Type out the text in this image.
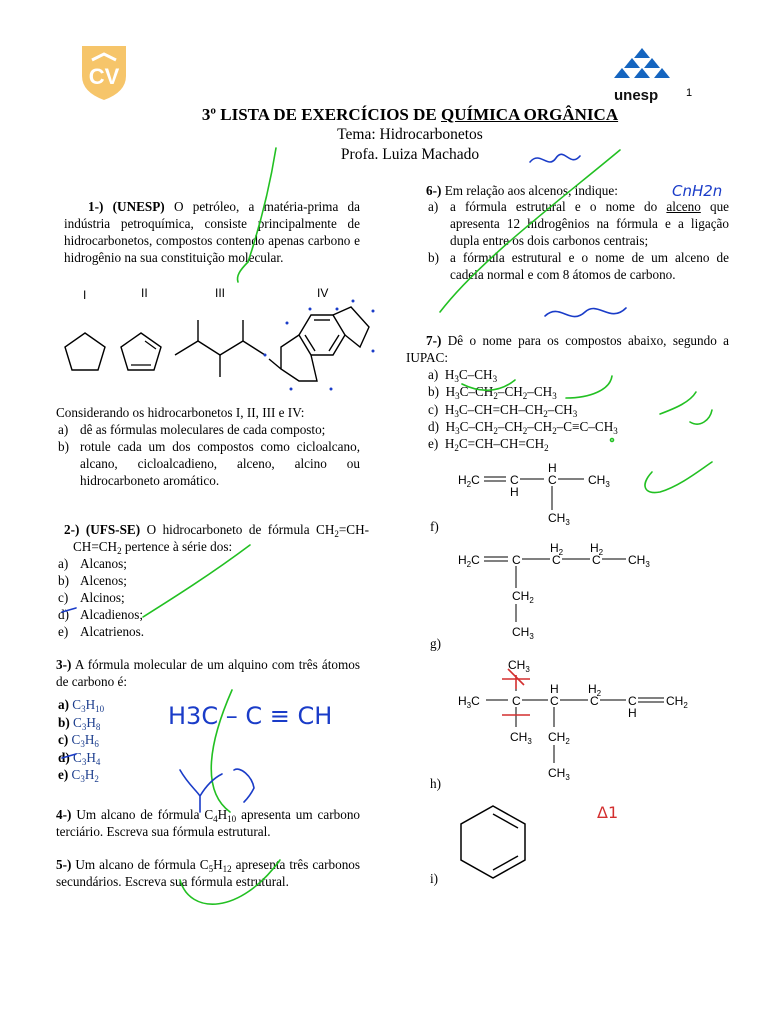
CV
unesp	1
3º LISTA DE EXERCÍCIOS DE QUÍMICA ORGÂNICA
Tema: Hidrocarbonetos
Profa. Luiza Machado
1-) (UNESP) O petróleo, a matéria-prima da indústria petroquímica, consiste principalmente de hidrocarbonetos, compostos contendo apenas carbono e hidrogênio na sua constituição molecular.
I	II	III	IV
Considerando os hidrocarbonetos I, II, III e IV:
a) dê as fórmulas moleculares de cada composto;
b) rotule cada um dos compostos como cicloalcano, alcano, cicloalcadieno, alceno, alcino ou hidrocarboneto aromático.
2-) (UFS-SE) O hidrocarboneto de fórmula $CH_2=CH-CH=CH_2$ pertence à série dos:
a) Alcanos;
b) Alcenos;
c) Alcinos;
d) Alcadienos;
e) Alcatrienos.
3-) A fórmula molecular de um alquino com três átomos de carbono é:
a) $C_3H_{10}$
b) $C_3H_8$
c) $C_3H_6$
d) $C_3H_4$
e) $C_3H_2$
4-) Um alcano de fórmula $C_4H_{10}$ apresenta um carbono terciário. Escreva sua fórmula estrutural.
5-) Um alcano de fórmula $C_5H_{12}$ apresenta três carbonos secundários. Escreva sua fórmula estrutural.
6-) Em relação aos alcenos, indique:
a) a fórmula estrutural e o nome do alceno que apresenta 12 hidrogênios na fórmula e a ligação dupla entre os dois carbonos centrais;
b) a fórmula estrutural e o nome de um alceno de cadeia normal e com 8 átomos de carbono.
7-) Dê o nome para os compostos abaixo, segundo a IUPAC:
a)  $H_3C-CH_3$
b)  $H_3C-CH_2-CH_2-CH_3$
c)  $H_3C-CH=CH-CH_2-CH_3$
d)  $H_3C-CH_2-CH_2-CH_2-C\equiv C-CH_3$
e)  $H_2C=CH-CH=CH_2$
$H_2C$	C
H
C
H
$CH_3$
$CH_3$
f)
$H_2C$	C	C
$H_2$
C
$H_2$
$CH_3$
$CH_2$
$CH_3$
g)
$CH_3$
$H_3C$	C C
H
C
$H_2$
C
H
$CH_2$
$CH_3$ $CH_2$
$CH_3$
h)
i)
CnH2n
H3C – C ≡ CH
Δ1
